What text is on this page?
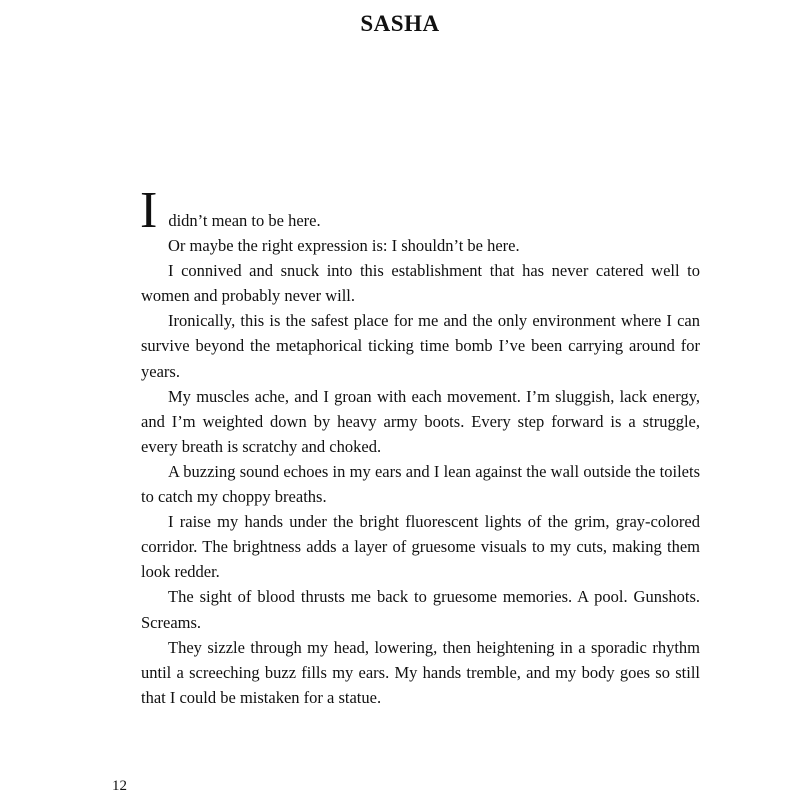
SASHA

I didn’t mean to be here.

Or maybe the right expression is: I shouldn’t be here.

I connived and snuck into this establishment that has never catered well to women and probably never will.

Ironically, this is the safest place for me and the only environment where I can survive beyond the metaphorical ticking time bomb I’ve been carrying around for years.

My muscles ache, and I groan with each movement. I’m sluggish, lack energy, and I’m weighted down by heavy army boots. Every step forward is a struggle, every breath is scratchy and choked.

A buzzing sound echoes in my ears and I lean against the wall outside the toilets to catch my choppy breaths.

I raise my hands under the bright fluorescent lights of the grim, gray-colored corridor. The brightness adds a layer of gruesome visuals to my cuts, making them look redder.

The sight of blood thrusts me back to gruesome memories. A pool. Gunshots. Screams.

They sizzle through my head, lowering, then heightening in a sporadic rhythm until a screeching buzz fills my ears. My hands tremble, and my body goes so still that I could be mistaken for a statue.

12
